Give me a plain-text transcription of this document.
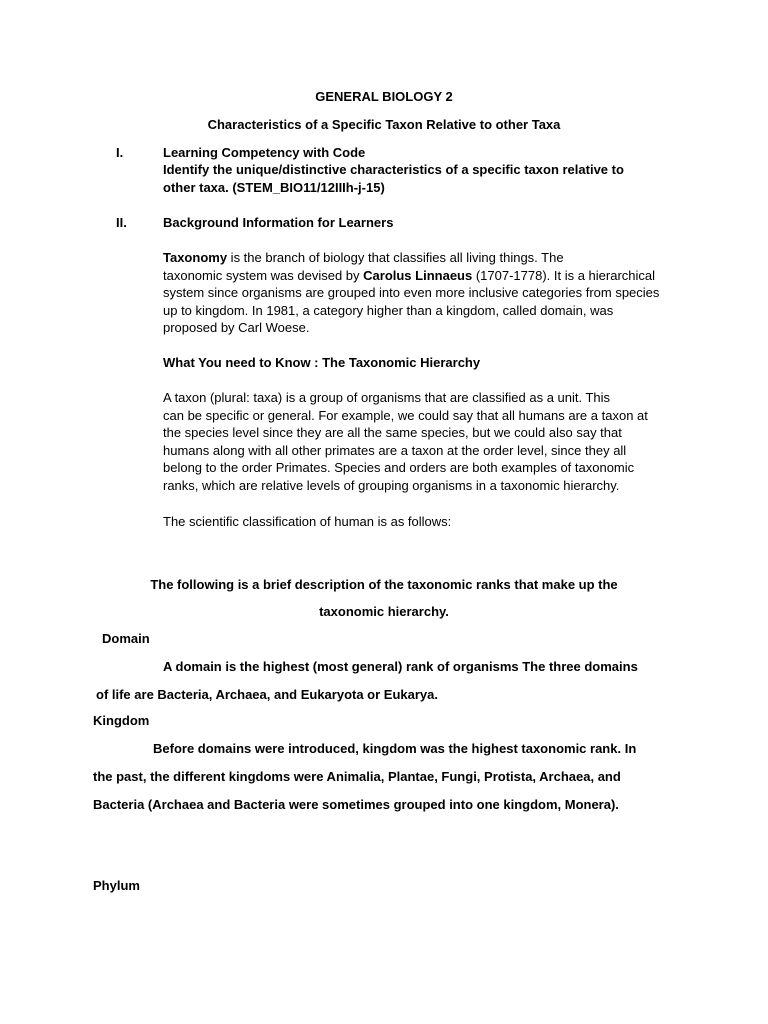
GENERAL BIOLOGY 2
Characteristics of a Specific Taxon Relative to other Taxa
I.	Learning Competency with Code
Identify the unique/distinctive characteristics of a specific taxon relative to
other taxa. (STEM_BIO11/12IIIh-j-15)
II.	Background Information for Learners
Taxonomy is the branch of biology that classifies all living things. The
taxonomic system was devised by Carolus Linnaeus (1707-1778). It is a hierarchical
system since organisms are grouped into even more inclusive categories from species
up to kingdom. In 1981, a category higher than a kingdom, called domain, was
proposed by Carl Woese.
What You need to Know : The Taxonomic Hierarchy
A taxon (plural: taxa) is a group of organisms that are classified as a unit. This
can be specific or general. For example, we could say that all humans are a taxon at
the species level since they are all the same species, but we could also say that
humans along with all other primates are a taxon at the order level, since they all
belong to the order Primates. Species and orders are both examples of taxonomic
ranks, which are relative levels of grouping organisms in a taxonomic hierarchy.
The scientific classification of human is as follows:
The following is a brief description of the taxonomic ranks that make up the
taxonomic hierarchy.
Domain
A domain is the highest (most general) rank of organisms The three domains
of life are Bacteria, Archaea, and Eukaryota or Eukarya.
Kingdom
Before domains were introduced, kingdom was the highest taxonomic rank. In
the past, the different kingdoms were Animalia, Plantae, Fungi, Protista, Archaea, and
Bacteria (Archaea and Bacteria were sometimes grouped into one kingdom, Monera).
Phylum
